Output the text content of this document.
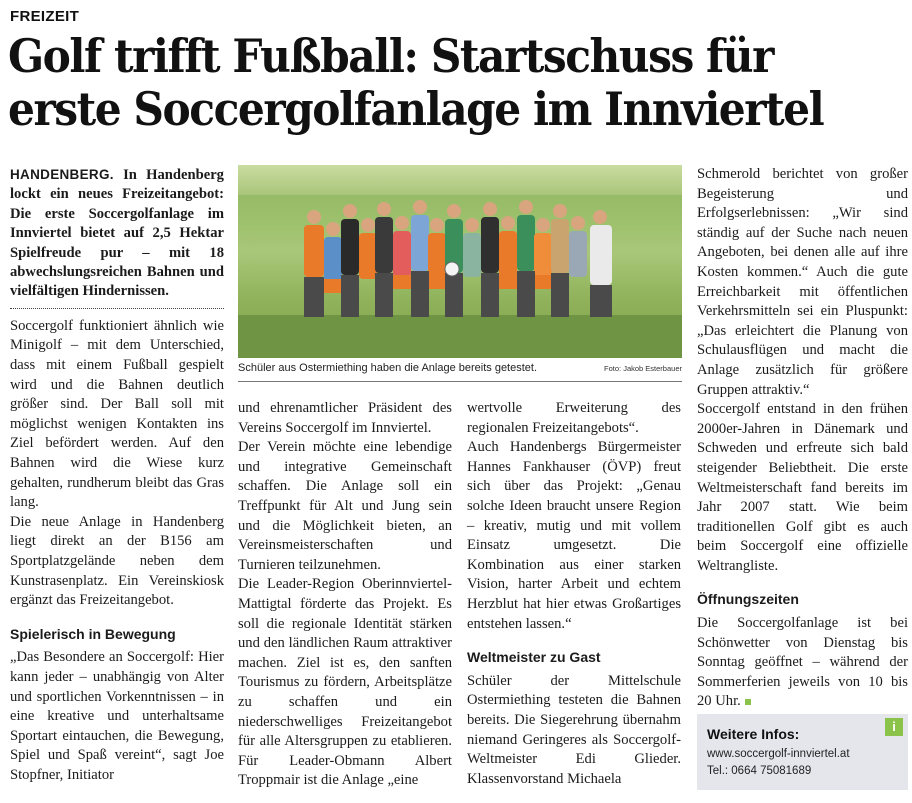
FREIZEIT
Golf trifft Fußball: Startschuss für
erste Soccergolfanlage im Innviertel

HANDENBERG. In Handenberg lockt ein neues Freizeitangebot: Die erste Soccergolfanlage im Innviertel bietet auf 2,5 Hektar Spielfreude pur – mit 18 abwechslungsreichen Bahnen und vielfältigen Hindernissen.

Soccergolf funktioniert ähnlich wie Minigolf – mit dem Unterschied, dass mit einem Fußball gespielt wird und die Bahnen deutlich größer sind. Der Ball soll mit möglichst wenigen Kontakten ins Ziel befördert werden. Auf den Bahnen wird die Wiese kurz gehalten, rundherum bleibt das Gras lang.

Die neue Anlage in Handenberg liegt direkt an der B156 am Sportplatzgelände neben dem Kunstrasenplatz. Ein Vereinskiosk ergänzt das Freizeitangebot.

Spielerisch in Bewegung

„Das Besondere an Soccergolf: Hier kann jeder – unabhängig von Alter und sportlichen Vorkenntnissen – in eine kreative und unterhaltsame Sportart eintauchen, die Bewegung, Spiel und Spaß vereint“, sagt Joe Stopfner, Initiator

Schüler aus Ostermiething haben die Anlage bereits getestet.	Foto: Jakob Esterbauer

und ehrenamtlicher Präsident des Vereins Soccergolf im Innviertel.

Der Verein möchte eine lebendige und integrative Gemeinschaft schaffen. Die Anlage soll ein Treffpunkt für Alt und Jung sein und die Möglichkeit bieten, an Vereinsmeisterschaften und Turnieren teilzunehmen.

Die Leader-Region Oberinnviertel-Mattigtal förderte das Projekt. Es soll die regionale Identität stärken und den ländlichen Raum attraktiver machen. Ziel ist es, den sanften Tourismus zu fördern, Arbeitsplätze zu schaffen und ein niederschwelliges Freizeitangebot für alle Altersgruppen zu etablieren. Für Leader-Obmann Albert Troppmair ist die Anlage „eine

wertvolle Erweiterung des regionalen Freizeitangebots“.

Auch Handenbergs Bürgermeister Hannes Fankhauser (ÖVP) freut sich über das Projekt: „Genau solche Ideen braucht unsere Region – kreativ, mutig und mit vollem Einsatz umgesetzt. Die Kombination aus einer starken Vision, harter Arbeit und echtem Herzblut hat hier etwas Großartiges entstehen lassen.“

Weltmeister zu Gast

Schüler der Mittelschule Ostermiething testeten die Bahnen bereits. Die Siegerehrung übernahm niemand Geringeres als Soccergolf-Weltmeister Edi Glieder. Klassenvorstand Michaela

Schmerold berichtet von großer Begeisterung und Erfolgserlebnissen: „Wir sind ständig auf der Suche nach neuen Angeboten, bei denen alle auf ihre Kosten kommen.“ Auch die gute Erreichbarkeit mit öffentlichen Verkehrsmitteln sei ein Pluspunkt: „Das erleichtert die Planung von Schulausflügen und macht die Anlage zusätzlich für größere Gruppen attraktiv.“

Soccergolf entstand in den frühen 2000er-Jahren in Dänemark und Schweden und erfreute sich bald steigender Beliebtheit. Die erste Weltmeisterschaft fand bereits im Jahr 2007 statt. Wie beim traditionellen Golf gibt es auch beim Soccergolf eine offizielle Weltrangliste.

Öffnungszeiten

Die Soccergolfanlage ist bei Schönwetter von Dienstag bis Sonntag geöffnet – während der Sommerferien jeweils von 10 bis 20 Uhr.

i
Weitere Infos:
www.soccergolf-innviertel.at
Tel.: 0664 75081689
